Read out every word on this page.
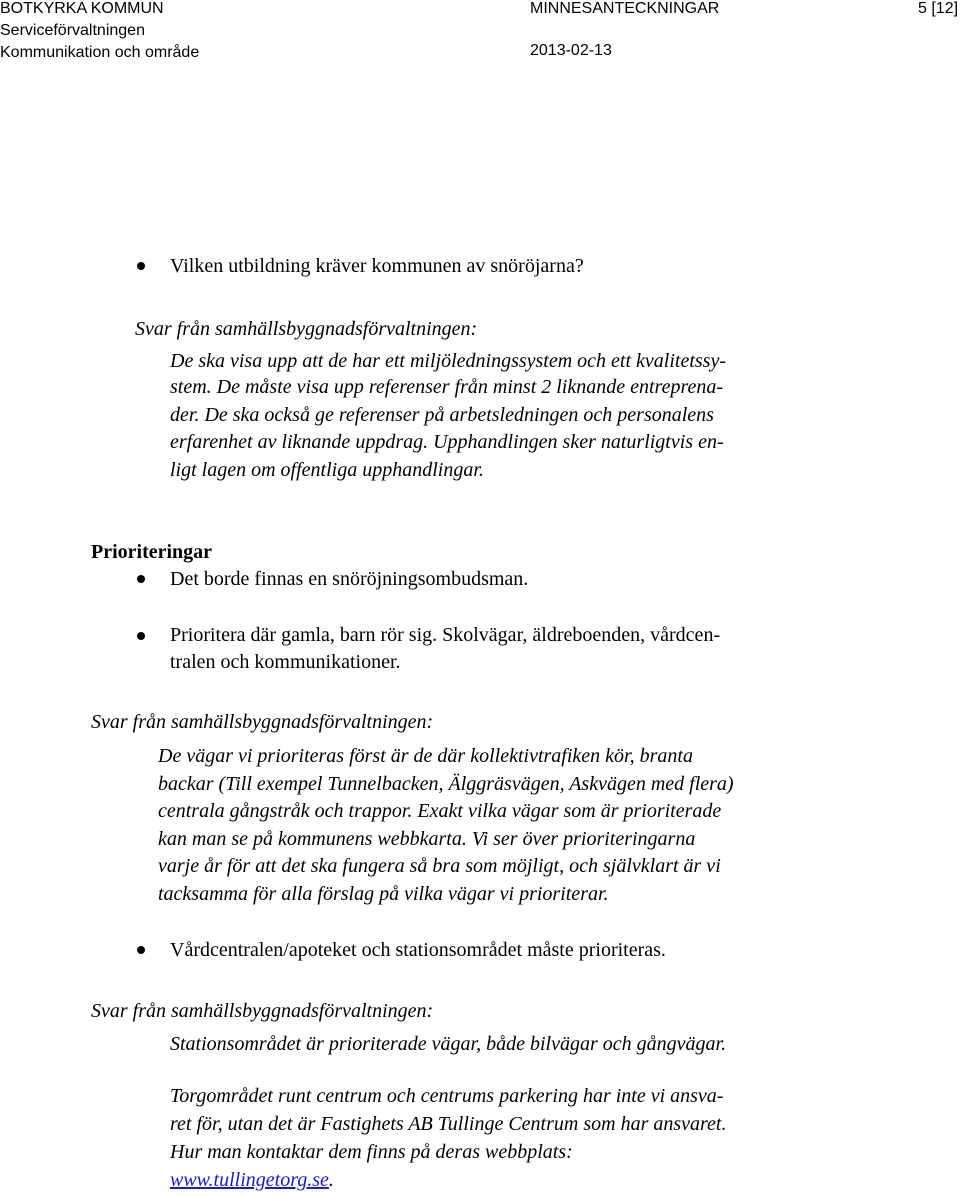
BOTKYRKA KOMMUN
Serviceförvaltningen
Kommunikation och område
MINNESANTECKNINGAR
2013-02-13
5 [12]
Vilken utbildning kräver kommunen av snöröjarna?
Svar från samhällsbyggnadsförvaltningen:
De ska visa upp att de har ett miljöledningssystem och ett kvalitetssy-
stem. De måste visa upp referenser från minst 2 liknande entreprena-
der. De ska också ge referenser på arbetsledningen och personalens
erfarenhet av liknande uppdrag. Upphandlingen sker naturligtvis en-
ligt lagen om offentliga upphandlingar.
Prioriteringar
Det borde finnas en snöröjningsombudsman.
Prioritera där gamla, barn rör sig. Skolvägar, äldreboenden, vårdcen-
tralen och kommunikationer.
Svar från samhällsbyggnadsförvaltningen:
De vägar vi prioriteras först är de där kollektivtrafiken kör, branta
backar (Till exempel Tunnelbacken, Älggräsvägen, Askvägen med flera)
centrala gångstråk och trappor. Exakt vilka vägar som är prioriterade
kan man se på kommunens webbkarta. Vi ser över prioriteringarna
varje år för att det ska fungera så bra som möjligt, och självklart är vi
tacksamma för alla förslag på vilka vägar vi prioriterar.
Vårdcentralen/apoteket och stationsområdet måste prioriteras.
Svar från samhällsbyggnadsförvaltningen:
Stationsområdet är prioriterade vägar, både bilvägar och gångvägar.
Torgområdet runt centrum och centrums parkering har inte vi ansva-
ret för, utan det är Fastighets AB Tullinge Centrum som har ansvaret.
Hur man kontaktar dem finns på deras webbplats:
www.tullingetorg.se.
